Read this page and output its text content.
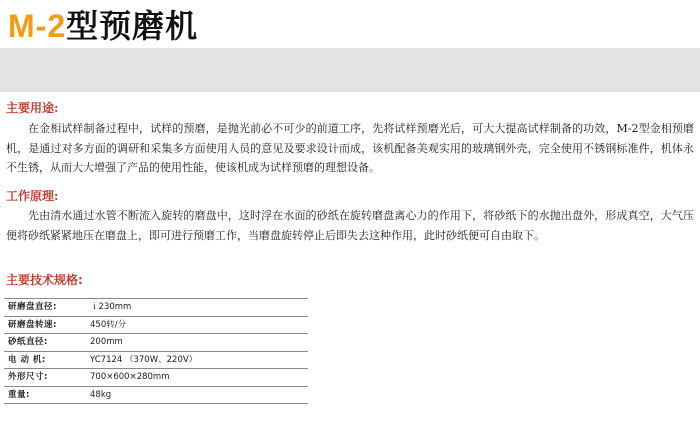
M-2型预磨机
主要用途:

在金相试样制备过程中，试样的预磨，是抛光前必不可少的前道工序，先将试样预磨光后，可大大提高试样制备的功效，M-2型金相预磨机，是通过对多方面的调研和采集多方面使用人员的意见及要求设计而成，该机配备美观实用的玻璃钢外壳，完全使用不锈钢标准件，机体永不生锈，从而大大增强了产品的使用性能，使该机成为试样预磨的理想设备。

工作原理:

先由清水通过水管不断流入旋转的磨盘中，这时浮在水面的砂纸在旋转磨盘离心力的作用下，将砂纸下的水抛出盘外，形成真空，大气压便将砂纸紧紧地压在磨盘上，即可进行预磨工作，当磨盘旋转停止后即失去这种作用，此时砂纸便可自由取下。

主要技术规格:
研磨盘直径:	ｉ230mm
研磨盘转速:	450转/分
砂纸直径:	200mm
电 动 机:	YC7124 （370W、220V）
外形尺寸:	700×600×280mm
重量:	48kg
